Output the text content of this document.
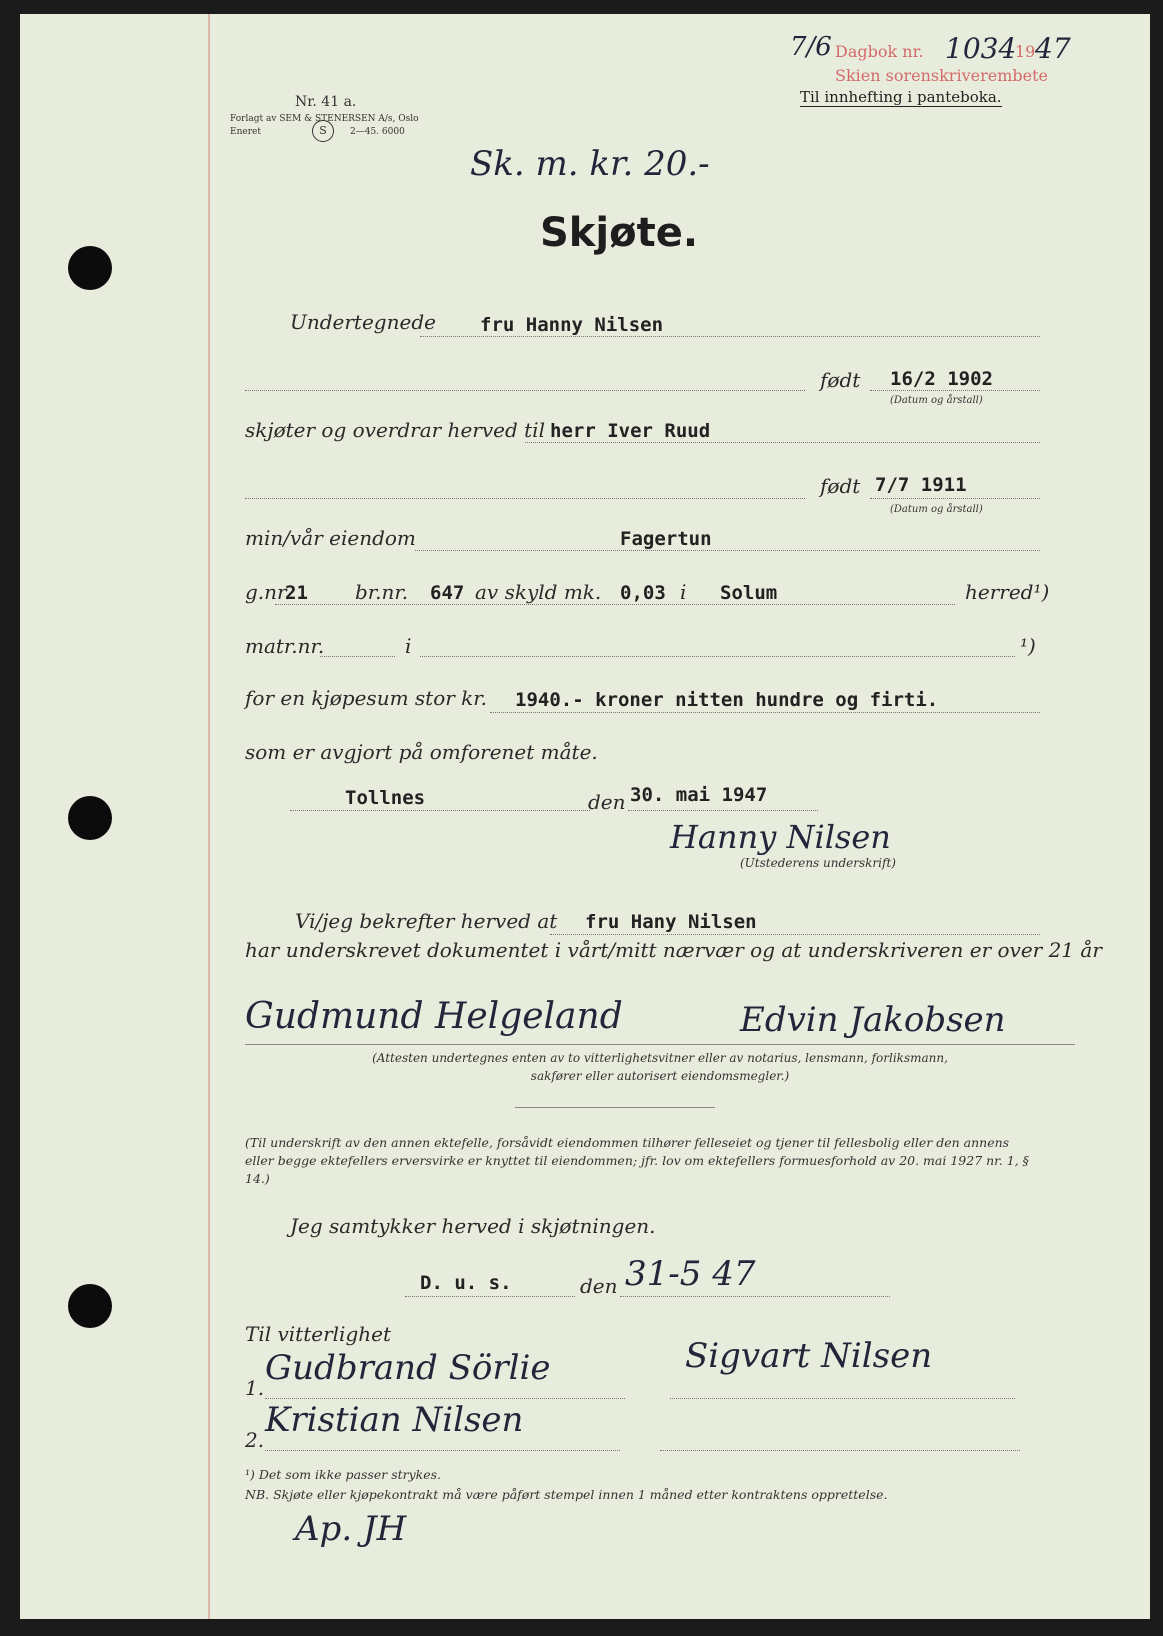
7/6 Dagbok nr. 1034
19 47
Skien sorenskriverembete
Til innhefting i panteboka.
Nr. 41 a.
Forlagt av SEM & STENERSEN A/s, Oslo
Eneret	S	2—45. 6000
Sk. m. kr. 20.-
Skjøte.
Undertegnede fru Hanny Nilsen
født 16/2 1902
(Datum og årstall)
skjøter og overdrar herved til herr Iver Ruud
født 7/7 1911
(Datum og årstall)
min/vår eiendom	Fagertun
g.nr.
21 br.nr. 647 av skyld mk. 0,03 i Solum	herred¹)
matr.nr.	i	¹)
for en kjøpesum stor kr. 1940.- kroner nitten hundre og firti.
som er avgjort på omforenet måte.
Tollnes	den 30. mai 1947
Hanny Nilsen
(Utstederens underskrift)
Vi/jeg bekrefter herved at fru Hany Nilsen
har underskrevet dokumentet i vårt/mitt nærvær og at underskriveren er over 21 år
Gudmund Helgeland	Edvin Jakobsen
(Attesten undertegnes enten av to vitterlighetsvitner eller av notarius, lensmann, forliksmann, sakfører eller autorisert eiendomsmegler.)
(Til underskrift av den annen ektefelle, forsåvidt eiendommen tilhører felleseiet og tjener til fellesbolig eller den annens eller begge ektefellers erversvirke er knyttet til eiendommen; jfr. lov om ektefellers formuesforhold av 20. mai 1927 nr. 1, § 14.)
Jeg samtykker herved i skjøtningen.
D. u. s.	den 31-5 47
Til vitterlighet
1. Gudbrand Sörlie	Sigvart Nilsen
2. Kristian Nilsen
¹) Det som ikke passer strykes.
NB. Skjøte eller kjøpekontrakt må være påført stempel innen 1 måned etter kontraktens opprettelse.
Ap. JH
